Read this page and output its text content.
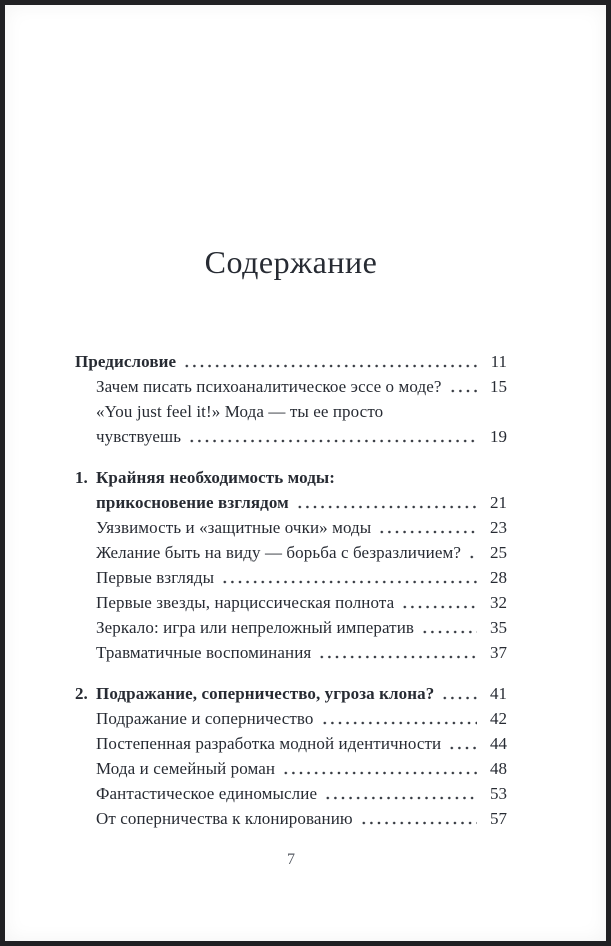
Содержание
Предисловие	11
Зачем писать психоаналитическое эссе о моде?	15
«You just feel it!» Мода — ты ее просто
чувствуешь	19
1. Крайняя необходимость моды:
прикосновение взглядом	21
Уязвимость и «защитные очки» моды	23
Желание быть на виду — борьба с безразличием? 25
Первые взгляды	28
Первые звезды, нарциссическая полнота	32
Зеркало: игра или непреложный императив	35
Травматичные воспоминания	37
2. Подражание, соперничество, угроза клона?	41
Подражание и соперничество	42
Постепенная разработка модной идентичности	44
Мода и семейный роман	48
Фантастическое единомыслие	53
От соперничества к клонированию	57
7
